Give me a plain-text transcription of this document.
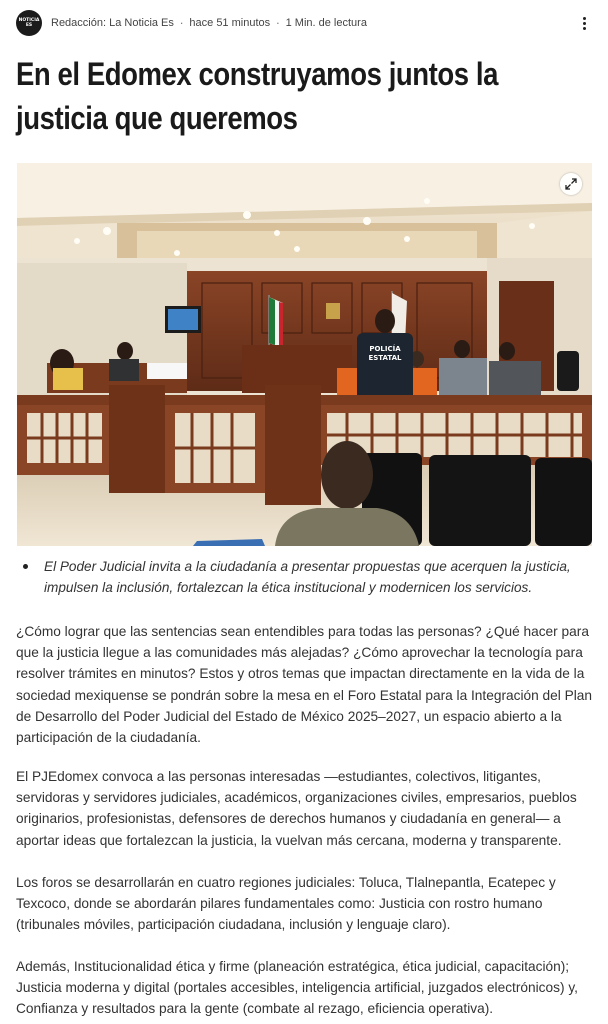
NOTICIA
ES	Redacción: La Noticia Es · hace 51 minutos · 1 Min. de lectura
En el Edomex construyamos juntos la justicia que queremos
POLICÍA
ESTATAL
El Poder Judicial invita a la ciudadanía a presentar propuestas que acerquen la justicia, impulsen la inclusión, fortalezcan la ética institucional y modernicen los servicios.

¿Cómo lograr que las sentencias sean entendibles para todas las personas? ¿Qué hacer para que la justicia llegue a las comunidades más alejadas? ¿Cómo aprovechar la tecnología para resolver trámites en minutos? Estos y otros temas que impactan directamente en la vida de la sociedad mexiquense se pondrán sobre la mesa en el Foro Estatal para la Integración del Plan de Desarrollo del Poder Judicial del Estado de México 2025–2027, un espacio abierto a la participación de la ciudadanía.

El PJEdomex convoca a las personas interesadas —estudiantes, colectivos, litigantes, servidoras y servidores judiciales, académicos, organizaciones civiles, empresarios, pueblos originarios, profesionistas, defensores de derechos humanos y ciudadanía en general— a aportar ideas que fortalezcan la justicia, la vuelvan más cercana, moderna y transparente.

Los foros se desarrollarán en cuatro regiones judiciales: Toluca, Tlalnepantla, Ecatepec y Texcoco, donde se abordarán pilares fundamentales como: Justicia con rostro humano (tribunales móviles, participación ciudadana, inclusión y lenguaje claro).

Además, Institucionalidad ética y firme (planeación estratégica, ética judicial, capacitación); Justicia moderna y digital (portales accesibles, inteligencia artificial, juzgados electrónicos) y, Confianza y resultados para la gente (combate al rezago, eficiencia operativa).
